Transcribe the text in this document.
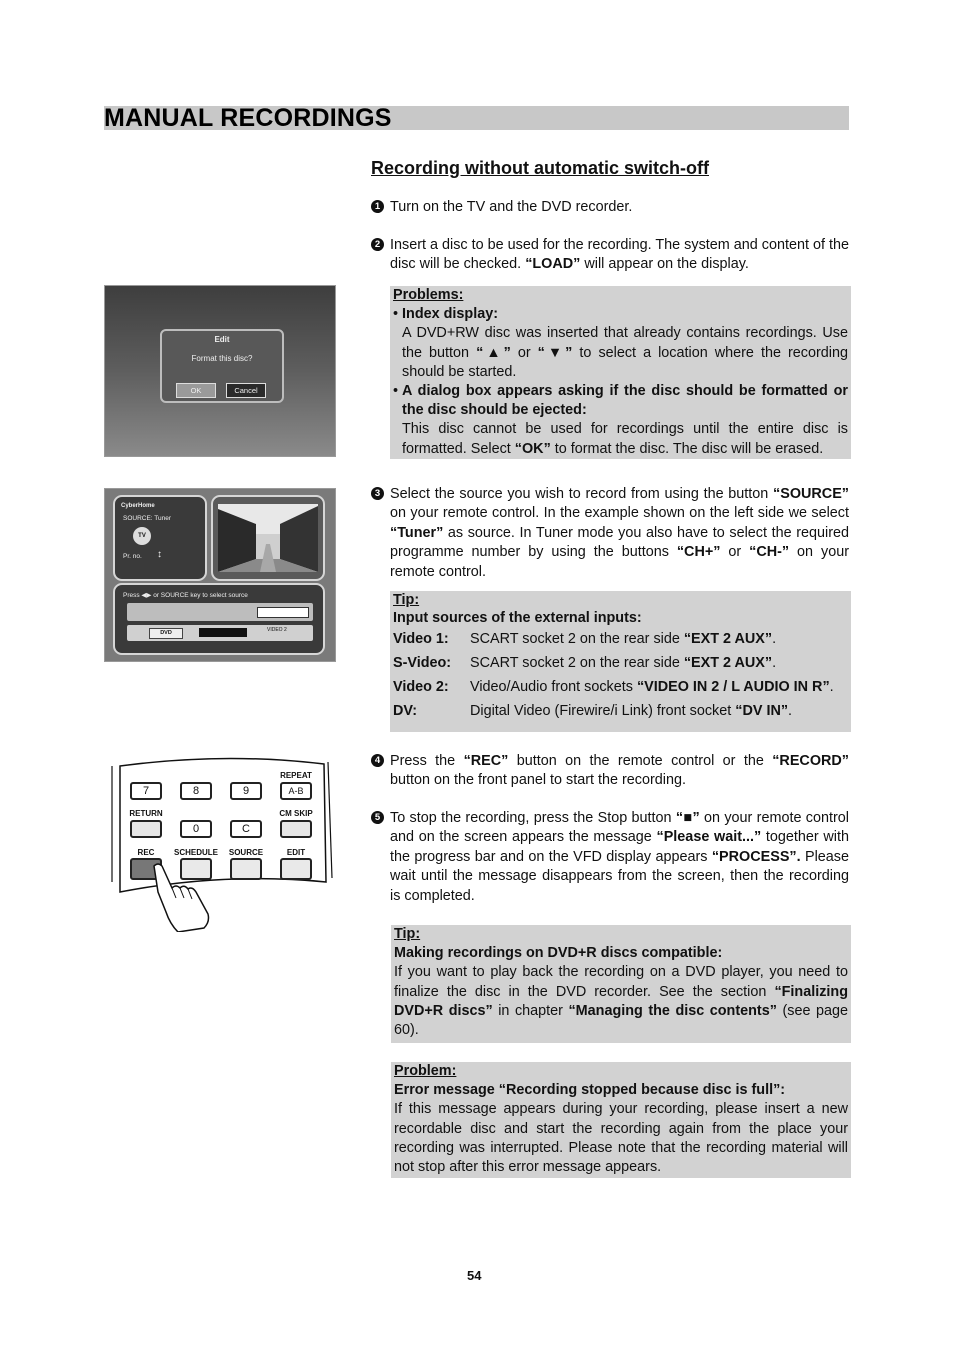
MANUAL RECORDINGS
Recording without automatic switch-off
1 Turn on the TV and the DVD recorder.
2 Insert a disc to be used for the recording. The system and content of the disc will be checked. “LOAD” will appear on the display.
Problems:
• Index display:
A DVD+RW disc was inserted that already contains recordings. Use the button “▲” or “▼” to select a location where the recording should be started.
• A dialog box appears asking if the disc should be formatted or the disc should be ejected:
This disc cannot be used for recordings until the entire disc is formatted. Select “OK” to format the disc. The disc will be erased.
3 Select the source you wish to record from using the button “SOURCE” on your remote control. In the example shown on the left side we select “Tuner” as source. In Tuner mode you also have to select the required programme number by using the buttons “CH+” or “CH-” on your remote control.
Tip:
Input sources of the external inputs:
Video 1:	SCART socket 2 on the rear side “EXT 2 AUX”.
S-Video:	SCART socket 2 on the rear side “EXT 2 AUX”.
Video 2:	Video/Audio front sockets “VIDEO IN 2 / L AUDIO IN R”.
DV:	Digital Video (Firewire/i Link) front socket “DV IN”.
4 Press the “REC” button on the remote control or the “RECORD” button on the front panel to start the recording.
5 To stop the recording, press the Stop button “■” on your remote control and on the screen appears the message “Please wait...” together with the progress bar and on the VFD display appears “PROCESS”. Please wait until the message disappears from the screen, then the recording is completed.
Tip:
Making recordings on DVD+R discs compatible:
If you want to play back the recording on a DVD player, you need to finalize the disc in the DVD recorder. See the section “Finalizing DVD+R discs” in chapter “Managing the disc contents” (see page 60).
Problem:
Error message “Recording stopped because disc is full”:
If this message appears during your recording, please insert a new recordable disc and start the recording again from the place your recording was interrupted. Please note that the recording material will not stop after this error message appears.
Edit
Format this disc?
OK	Cancel
CyberHome
SOURCE: Tuner
TV
Pr. no. ↕
Press ◀▶ or SOURCE key to select source
DVD	VIDEO 2
REPEAT
7	8	9	A-B
RETURN	CM SKIP
0	C
REC	SCHEDULE	SOURCE	EDIT
54
